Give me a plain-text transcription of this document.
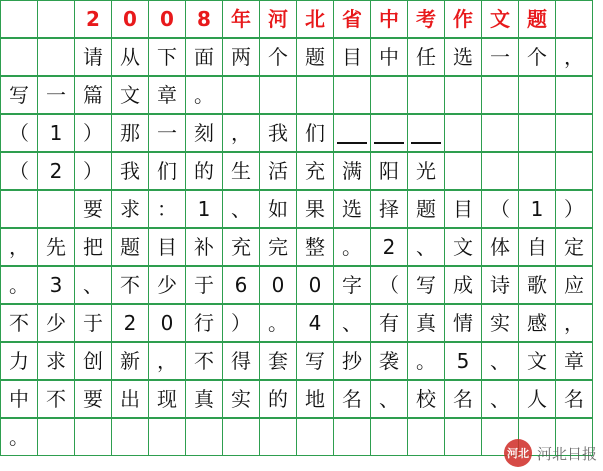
2	0	0	8	年 河 北 省 中 考 作 文 题
请 从 下 面 两 个 题 目 中 任 选 一 个 ，
写 一 篇 文 章 。
（	1	） 那 一 刻 ， 我 们
（	2	） 我 们 的 生 活 充 满 阳 光
要 求 ：	1	、 如 果 选 择 题 目 （	1	）
， 先 把 题 目 补 充 完 整 。	2	、 文 体 自 定
。	3	、 不 少 于	6	0	0	字 （ 写 成 诗 歌 应
不 少 于	2	0	行 ） 。	4	、 有 真 情 实 感 ，
力 求 创 新 ， 不 得 套 写 抄 袭 。	5	、 文 章
中 不 要 出 现 真 实 的 地 名 、 校 名 、 人 名
。
河北 河北日报
